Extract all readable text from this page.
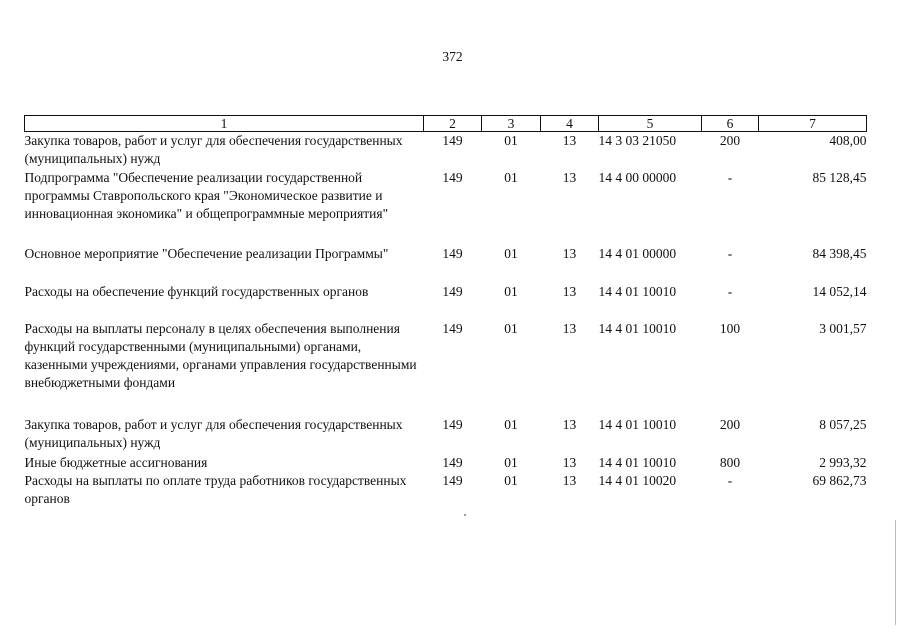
372
1	2	3	4	5	6	7
Закупка товаров, работ и услуг для обеспечения государственных (муниципальных) нужд	149	01	13	14 3 03 21050	200	408,00
Подпрограмма "Обеспечение реализации государственной программы Ставропольского края "Экономическое развитие и инновационная экономика" и общепрограммные мероприятия"	149	01	13	14 4 00 00000	-	85 128,45
Основное мероприятие "Обеспечение реализации Программы"	149	01	13	14 4 01 00000	-	84 398,45
Расходы на обеспечение функций государственных органов	149	01	13	14 4 01 10010	-	14 052,14
Расходы на выплаты персоналу в целях обеспечения выполнения функций государственными (муниципальными) органами, казенными учреждениями, органами управления государственными внебюджетными фондами	149	01	13	14 4 01 10010	100	3 001,57
Закупка товаров, работ и услуг для обеспечения государственных (муниципальных) нужд	149	01	13	14 4 01 10010	200	8 057,25
Иные бюджетные ассигнования	149	01	13	14 4 01 10010	800	2 993,32
Расходы на выплаты по оплате труда работников государственных органов	149	01	13	14 4 01 10020	-	69 862,73
